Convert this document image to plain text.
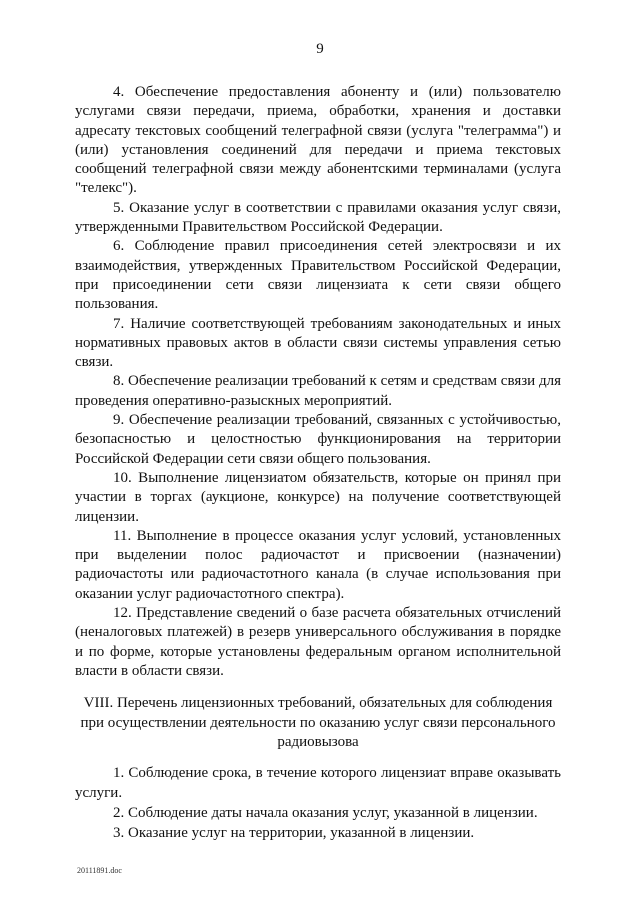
9

4. Обеспечение предоставления абоненту и (или) пользователю услугами связи передачи, приема, обработки, хранения и доставки адресату текстовых сообщений телеграфной связи (услуга "телеграмма") и (или) установления соединений для передачи и приема текстовых сообщений телеграфной связи между абонентскими терминалами (услуга "телекс").

5. Оказание услуг в соответствии с правилами оказания услуг связи, утвержденными Правительством Российской Федерации.

6. Соблюдение правил присоединения сетей электросвязи и их взаимодействия, утвержденных Правительством Российской Федерации, при присоединении сети связи лицензиата к сети связи общего пользования.

7. Наличие соответствующей требованиям законодательных и иных нормативных правовых актов в области связи системы управления сетью связи.

8. Обеспечение реализации требований к сетям и средствам связи для проведения оперативно-разыскных мероприятий.

9. Обеспечение реализации требований, связанных с устойчивостью, безопасностью и целостностью функционирования на территории Российской Федерации сети связи общего пользования.

10. Выполнение лицензиатом обязательств, которые он принял при участии в торгах (аукционе, конкурсе) на получение соответствующей лицензии.

11. Выполнение в процессе оказания услуг условий, установленных при выделении полос радиочастот и присвоении (назначении) радиочастоты или радиочастотного канала (в случае использования при оказании услуг радиочастотного спектра).

12. Представление сведений о базе расчета обязательных отчислений (неналоговых платежей) в резерв универсального обслуживания в порядке и по форме, которые установлены федеральным органом исполнительной власти в области связи.

VIII. Перечень лицензионных требований, обязательных для соблюдения при осуществлении деятельности по оказанию услуг связи персонального радиовызова

1. Соблюдение срока, в течение которого лицензиат вправе оказывать услуги.

2. Соблюдение даты начала оказания услуг, указанной в лицензии.

3. Оказание услуг на территории, указанной в лицензии.

20111891.doc
